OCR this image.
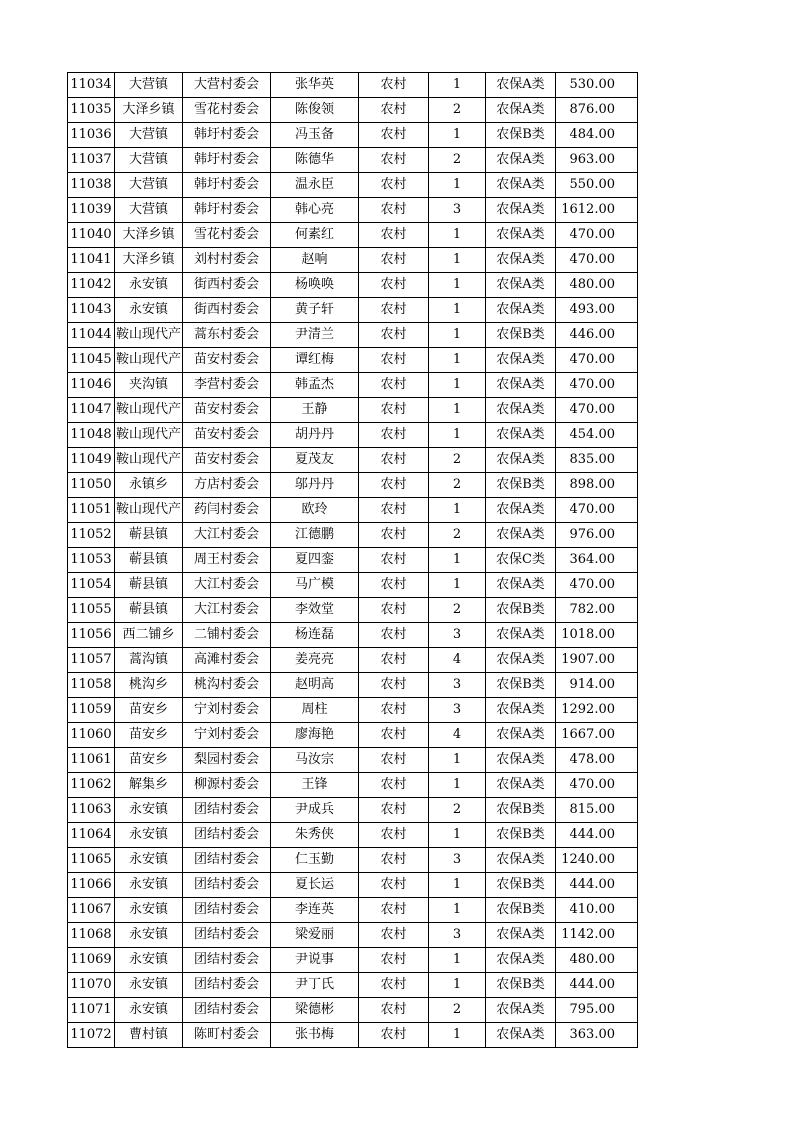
11034	大营镇	大营村委会	张华英	农村	1	农保A类	530.00
11035	大泽乡镇	雪花村委会	陈俊领	农村	2	农保A类	876.00
11036	大营镇	韩圩村委会	冯玉备	农村	1	农保B类	484.00
11037	大营镇	韩圩村委会	陈德华	农村	2	农保A类	963.00
11038	大营镇	韩圩村委会	温永臣	农村	1	农保A类	550.00
11039	大营镇	韩圩村委会	韩心亮	农村	3	农保A类	1612.00
11040	大泽乡镇	雪花村委会	何素红	农村	1	农保A类	470.00
11041	大泽乡镇	刘村村委会	赵响	农村	1	农保A类	470.00
11042	永安镇	街西村委会	杨唤唤	农村	1	农保A类	480.00
11043	永安镇	街西村委会	黄子轩	农村	1	农保A类	493.00
11044	鞍山现代产	蒿东村委会	尹清兰	农村	1	农保B类	446.00
11045	鞍山现代产	苗安村委会	谭红梅	农村	1	农保A类	470.00
11046	夹沟镇	李营村委会	韩孟杰	农村	1	农保A类	470.00
11047	鞍山现代产	苗安村委会	王静	农村	1	农保A类	470.00
11048	鞍山现代产	苗安村委会	胡丹丹	农村	1	农保A类	454.00
11049	鞍山现代产	苗安村委会	夏茂友	农村	2	农保A类	835.00
11050	永镇乡	方店村委会	邬丹丹	农村	2	农保B类	898.00
11051	鞍山现代产	药闫村委会	欧玲	农村	1	农保A类	470.00
11052	蕲县镇	大江村委会	江德鹏	农村	2	农保A类	976.00
11053	蕲县镇	周王村委会	夏四銮	农村	1	农保C类	364.00
11054	蕲县镇	大江村委会	马广模	农村	1	农保A类	470.00
11055	蕲县镇	大江村委会	李效堂	农村	2	农保B类	782.00
11056	西二铺乡	二铺村委会	杨连磊	农村	3	农保A类	1018.00
11057	蒿沟镇	高滩村委会	姜亮亮	农村	4	农保A类	1907.00
11058	桃沟乡	桃沟村委会	赵明高	农村	3	农保B类	914.00
11059	苗安乡	宁刘村委会	周柱	农村	3	农保A类	1292.00
11060	苗安乡	宁刘村委会	廖海艳	农村	4	农保A类	1667.00
11061	苗安乡	梨园村委会	马汝宗	农村	1	农保A类	478.00
11062	解集乡	柳源村委会	王锋	农村	1	农保A类	470.00
11063	永安镇	团结村委会	尹成兵	农村	2	农保B类	815.00
11064	永安镇	团结村委会	朱秀侠	农村	1	农保B类	444.00
11065	永安镇	团结村委会	仁玉勤	农村	3	农保A类	1240.00
11066	永安镇	团结村委会	夏长运	农村	1	农保B类	444.00
11067	永安镇	团结村委会	李连英	农村	1	农保B类	410.00
11068	永安镇	团结村委会	梁爱丽	农村	3	农保A类	1142.00
11069	永安镇	团结村委会	尹说事	农村	1	农保A类	480.00
11070	永安镇	团结村委会	尹丁氏	农村	1	农保B类	444.00
11071	永安镇	团结村委会	梁德彬	农村	2	农保A类	795.00
11072	曹村镇	陈町村委会	张书梅	农村	1	农保A类	363.00
